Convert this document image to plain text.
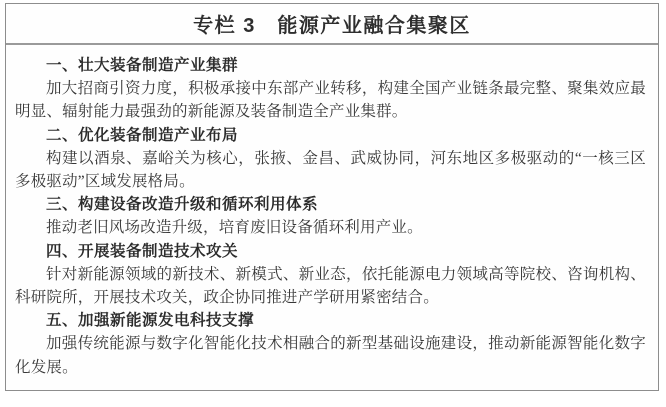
专栏 3　能源产业融合集聚区

一、壮大装备制造产业集群

加大招商引资力度，积极承接中东部产业转移，构建全国产业链条最完整、聚集效应最明显、辐射能力最强劲的新能源及装备制造全产业集群。

二、优化装备制造产业布局

构建以酒泉、嘉峪关为核心，张掖、金昌、武威协同，河东地区多极驱动的“一核三区多极驱动”区域发展格局。

三、构建设备改造升级和循环利用体系

推动老旧风场改造升级，培育废旧设备循环利用产业。

四、开展装备制造技术攻关

针对新能源领域的新技术、新模式、新业态，依托能源电力领域高等院校、咨询机构、科研院所，开展技术攻关，政企协同推进产学研用紧密结合。

五、加强新能源发电科技支撑

加强传统能源与数字化智能化技术相融合的新型基础设施建设，推动新能源智能化数字化发展。
